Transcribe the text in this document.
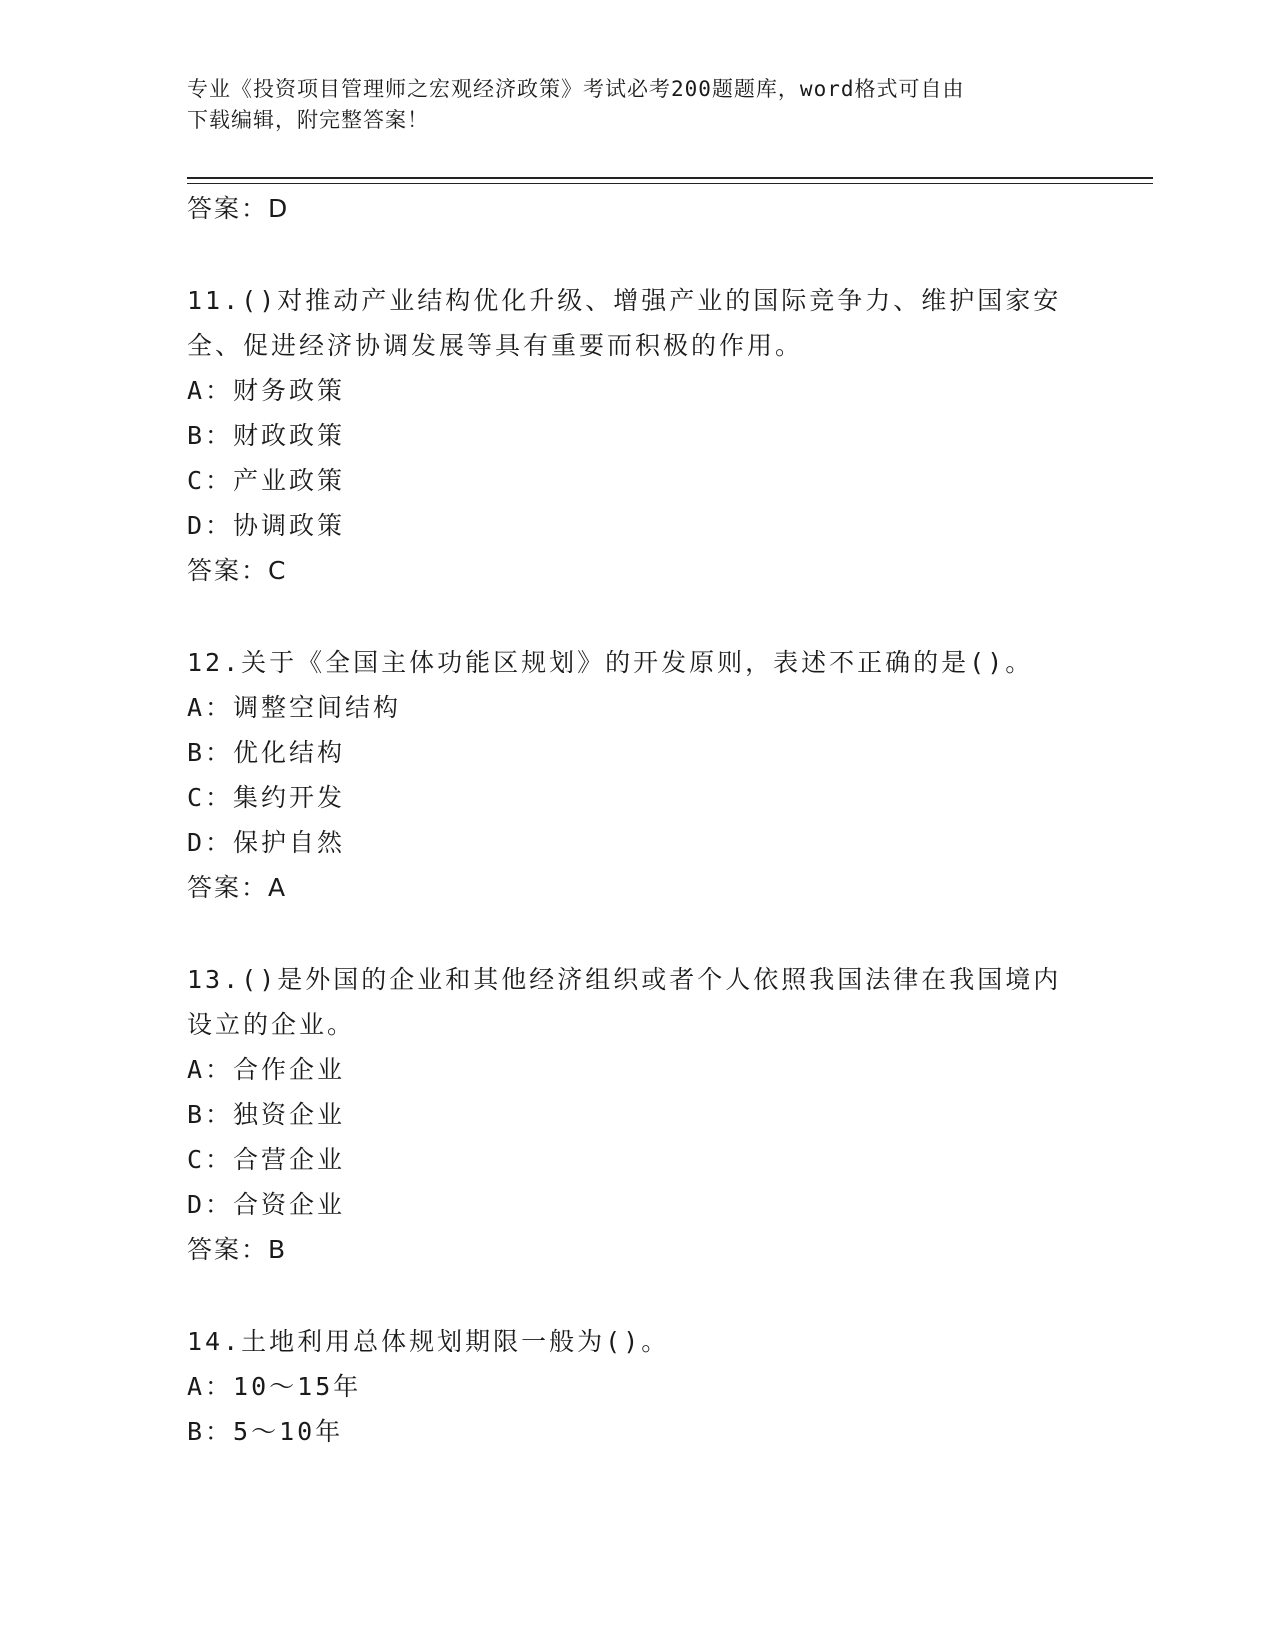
专业《投资项目管理师之宏观经济政策》考试必考200题题库，word格式可自由
下载编辑，附完整答案！
答案：D
11.()对推动产业结构优化升级、增强产业的国际竞争力、维护国家安
全、促进经济协调发展等具有重要而积极的作用。
A：财务政策
B：财政政策
C：产业政策
D：协调政策
答案：C
12.关于《全国主体功能区规划》的开发原则，表述不正确的是()。
A：调整空间结构
B：优化结构
C：集约开发
D：保护自然
答案：A
13.()是外国的企业和其他经济组织或者个人依照我国法律在我国境内
设立的企业。
A：合作企业
B：独资企业
C：合营企业
D：合资企业
答案：B
14.土地利用总体规划期限一般为()。
A：10～15年
B：5～10年
